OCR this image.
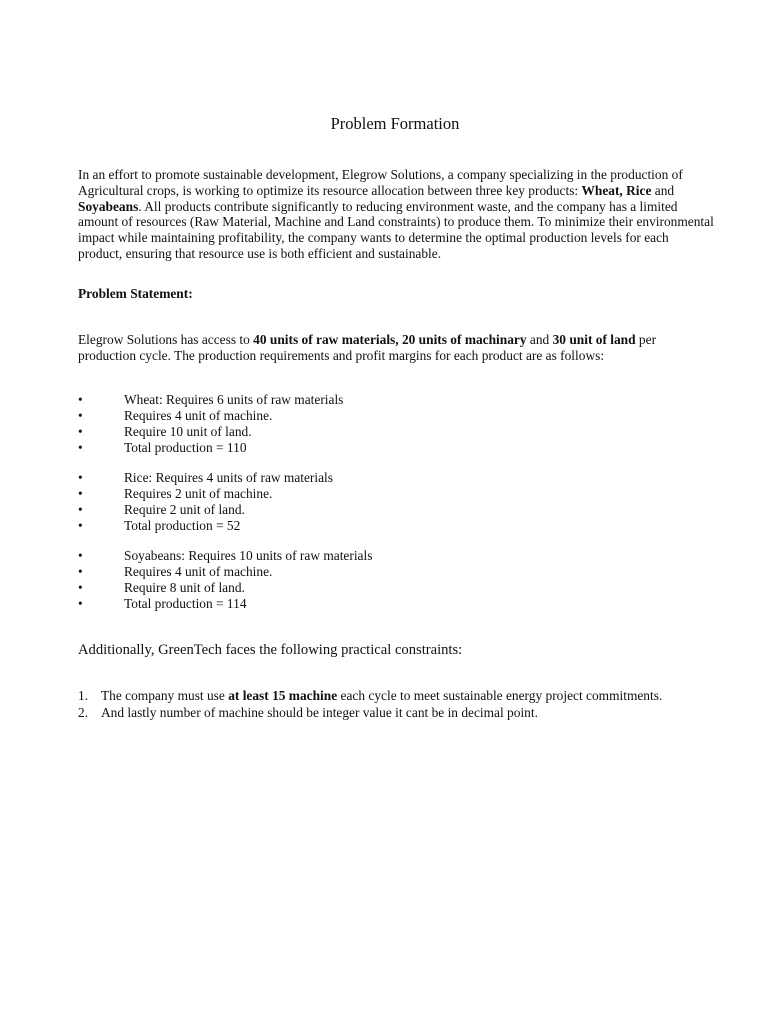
Problem Formation

In an effort to promote sustainable development, Elegrow Solutions, a company specializing in the production of Agricultural crops, is working to optimize its resource allocation between three key products: Wheat, Rice and Soyabeans. All products contribute significantly to reducing environment waste, and the company has a limited amount of resources (Raw Material, Machine and Land constraints) to produce them. To minimize their environmental impact while maintaining profitability, the company wants to determine the optimal production levels for each product, ensuring that resource use is both efficient and sustainable.

Problem Statement:

Elegrow Solutions has access to 40 units of raw materials, 20 units of machinary and 30 unit of land per production cycle. The production requirements and profit margins for each product are as follows:

•	Wheat: Requires 6 units of raw materials
•	Requires 4 unit of machine.
•	Require 10 unit of land.
•	Total production = 110
•	Rice: Requires 4 units of raw materials
•	Requires 2 unit of machine.
•	Require 2 unit of land.
•	Total production = 52
•	Soyabeans: Requires 10 units of raw materials
•	Requires 4 unit of machine.
•	Require 8 unit of land.
•	Total production = 114
Additionally, GreenTech faces the following practical constraints:
1. The company must use at least 15 machine each cycle to meet sustainable energy project commitments.
2. And lastly number of machine should be integer value it cant be in decimal point.
